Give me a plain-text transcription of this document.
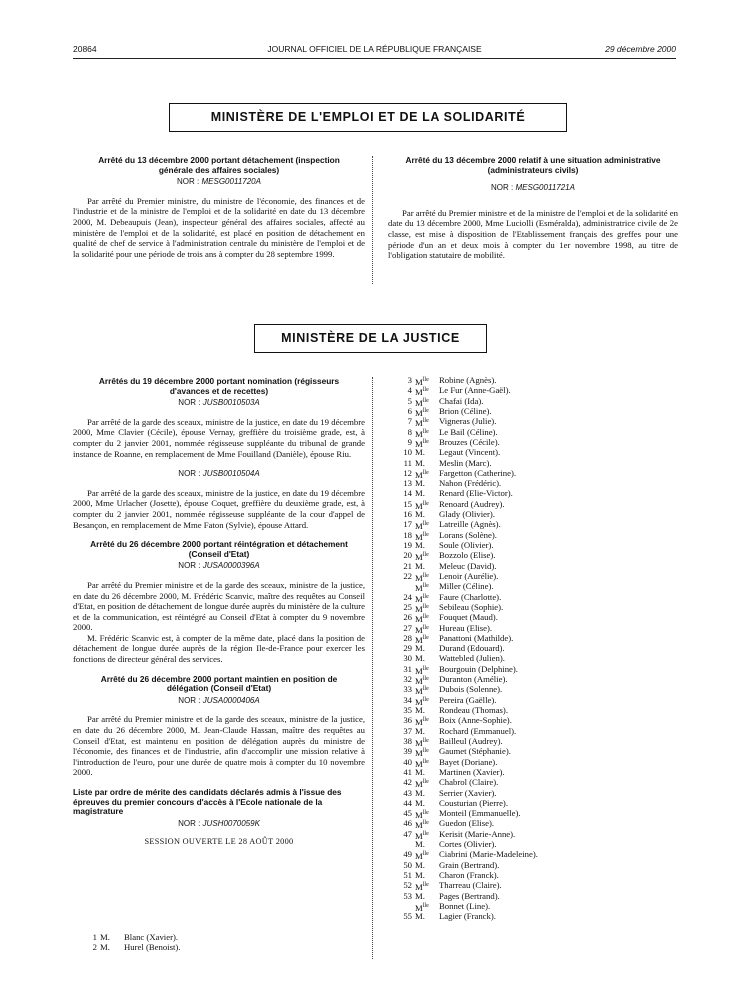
20864	JOURNAL OFFICIEL DE LA RÉPUBLIQUE FRANÇAISE	29 décembre 2000
MINISTÈRE DE L'EMPLOI ET DE LA SOLIDARITÉ
Arrêté du 13 décembre 2000 portant détachement (inspection générale des affaires sociales)
NOR : MESG0011720A

Par arrêté du Premier ministre, du ministre de l'économie, des finances et de l'industrie et de la ministre de l'emploi et de la solidarité en date du 13 décembre 2000, M. Debeaupuis (Jean), inspecteur général des affaires sociales, affecté au ministère de l'emploi et de la solidarité, est placé en position de détachement en qualité de chef de service à l'administration centrale du ministère de l'emploi et de la solidarité pour une période de trois ans à compter du 28 septembre 1999.

Arrêté du 13 décembre 2000 relatif à une situation administrative (administrateurs civils)
NOR : MESG0011721A

Par arrêté du Premier ministre et de la ministre de l'emploi et de la solidarité en date du 13 décembre 2000, Mme Luciolli (Esméralda), administratrice civile de 2e classe, est mise à disposition de l'Etablissement français des greffes pour une période d'un an et deux mois à compter du 1er novembre 1998, au titre de l'obligation statutaire de mobilité.

MINISTÈRE DE LA JUSTICE
Arrêtés du 19 décembre 2000 portant nomination (régisseurs d'avances et de recettes)
NOR : JUSB0010503A

Par arrêté de la garde des sceaux, ministre de la justice, en date du 19 décembre 2000, Mme Clavier (Cécile), épouse Vernay, greffière du troisième grade, est, à compter du 2 janvier 2001, nommée régisseuse suppléante du tribunal de grande instance de Roanne, en remplacement de Mme Fouilland (Danièle), épouse Riu.

NOR : JUSB0010504A

Par arrêté de la garde des sceaux, ministre de la justice, en date du 19 décembre 2000, Mme Urlacher (Josette), épouse Coquet, greffière du deuxième grade, est, à compter du 2 janvier 2001, nommée régisseuse suppléante de la cour d'appel de Besançon, en remplacement de Mme Faton (Sylvie), épouse Attard.

Arrêté du 26 décembre 2000 portant réintégration et détachement (Conseil d'Etat)
NOR : JUSA0000396A

Par arrêté du Premier ministre et de la garde des sceaux, ministre de la justice, en date du 26 décembre 2000, M. Frédéric Scanvic, maître des requêtes au Conseil d'Etat, en position de détachement de longue durée auprès du ministère de la culture et de la communication, est réintégré au Conseil d'Etat à compter du 9 novembre 2000.

M. Frédéric Scanvic est, à compter de la même date, placé dans la position de détachement de longue durée auprès de la région Ile-de-France pour exercer les fonctions de directeur général des services.

Arrêté du 26 décembre 2000 portant maintien en position de délégation (Conseil d'Etat)
NOR : JUSA0000406A

Par arrêté du Premier ministre et de la garde des sceaux, ministre de la justice, en date du 26 décembre 2000, M. Jean-Claude Hassan, maître des requêtes au Conseil d'Etat, est maintenu en position de délégation auprès du ministre de l'économie, des finances et de l'industrie, afin d'accomplir une mission relative à l'introduction de l'euro, pour une durée de quatre mois à compter du 10 novembre 2000.

Liste par ordre de mérite des candidats déclarés admis à l'issue des épreuves du premier concours d'accès à l'Ecole nationale de la magistrature
NOR : JUSH0070059K
SESSION OUVERTE LE 28 AOÛT 2000
1 M. Blanc (Xavier).
2 M. Hurel (Benoist).
3 $M^{lle}$ Robine (Agnès).
4 $M^{lle}$ Le Fur (Anne-Gaël).
5 $M^{lle}$ Chafai (Ida).
6 $M^{lle}$ Brion (Céline).
7 $M^{lle}$ Vigneras (Julie).
8 $M^{lle}$ Le Bail (Céline).
9 $M^{lle}$ Brouzes (Cécile).
10 M. Legaut (Vincent).
11 M. Meslin (Marc).
12 $M^{lle}$ Fargetton (Catherine).
13 M. Nahon (Frédéric).
14 M. Renard (Elie-Victor).
15 $M^{lle}$ Renoard (Audrey).
16 M. Glady (Olivier).
17 $M^{lle}$ Latreille (Agnès).
18 $M^{lle}$ Lorans (Solène).
19 M. Soule (Olivier).
20 $M^{lle}$ Bozzolo (Elise).
21 M. Meleuc (David).
22 $M^{lle}$ Lenoir (Aurélie).
$M^{lle}$ Miller (Céline).
24 $M^{lle}$ Faure (Charlotte).
25 $M^{lle}$ Sebileau (Sophie).
26 $M^{lle}$ Fouquet (Maud).
27 $M^{lle}$ Hureau (Elise).
28 $M^{lle}$ Panattoni (Mathilde).
29 M. Durand (Edouard).
30 M. Wattebled (Julien).
31 $M^{lle}$ Bourgouin (Delphine).
32 $M^{lle}$ Duranton (Amélie).
33 $M^{lle}$ Dubois (Solenne).
34 $M^{lle}$ Pereira (Gaëlle).
35 M. Rondeau (Thomas).
36 $M^{lle}$ Boix (Anne-Sophie).
37 M. Rochard (Emmanuel).
38 $M^{lle}$ Bailleul (Audrey).
39 $M^{lle}$ Gaumet (Stéphanie).
40 $M^{lle}$ Bayet (Doriane).
41 M. Martinen (Xavier).
42 $M^{lle}$ Chabrol (Claire).
43 M. Serrier (Xavier).
44 M. Cousturian (Pierre).
45 $M^{lle}$ Monteil (Emmanuelle).
46 $M^{lle}$ Guedon (Elise).
47 $M^{lle}$ Kerisit (Marie-Anne).
M. Cortes (Olivier).
49 $M^{lle}$ Ciabrini (Marie-Madeleine).
50 M. Grain (Bertrand).
51 M. Charon (Franck).
52 $M^{lle}$ Tharreau (Claire).
53 M. Pages (Bertrand).
$M^{lle}$ Bonnet (Line).
55 M. Lagier (Franck).
